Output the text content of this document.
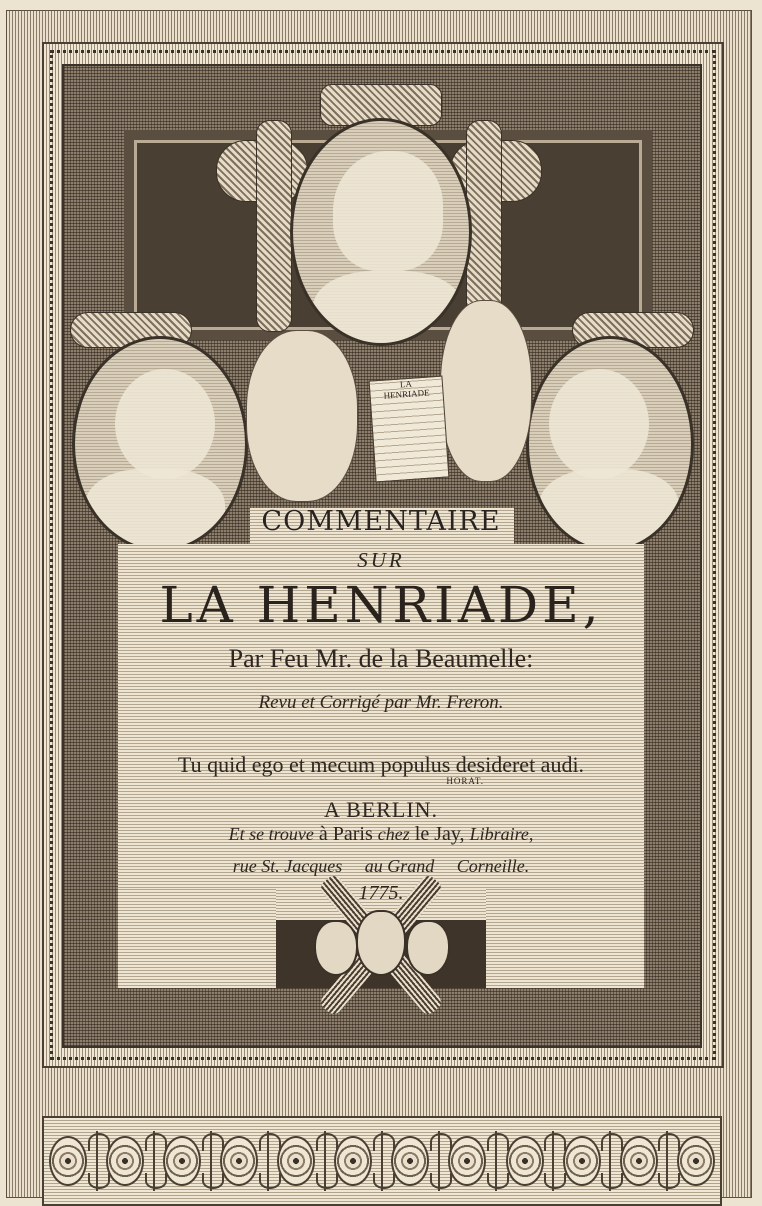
LA
HENRIADE
COMMENTAIRE
SUR
LA HENRIADE,
Par Feu Mr. de la Beaumelle:
Revu et Corrigé par Mr. Freron.
Tu quid ego et mecum populus desideret audi.
HORAT.
A BERLIN.
Et se trouve à Paris chez le Jay, Libraire,
rue St. Jacques     au Grand     Corneille.
1775.
